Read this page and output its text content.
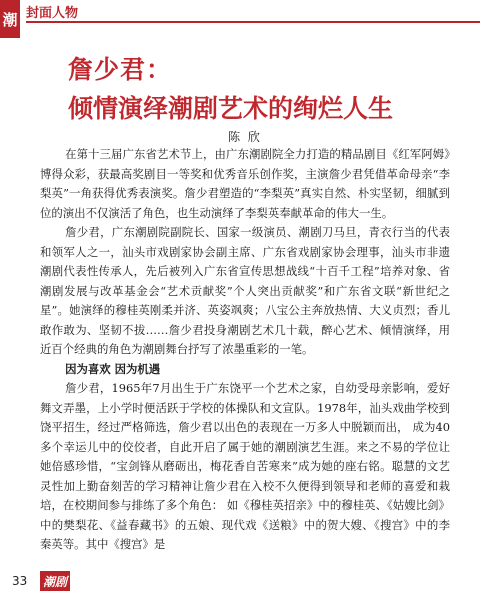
潮 封面人物
詹少君：
倾情演绎潮剧艺术的绚烂人生
陈 欣

在第十三届广东省艺术节上，由广东潮剧院全力打造的精品剧目《红军阿姆》博得众彩，获最高奖剧目一等奖和优秀音乐创作奖，主演詹少君凭借革命母亲“李梨英”一角获得优秀表演奖。詹少君塑造的“李梨英”真实自然、朴实坚韧，细腻到位的演出不仅演活了角色，也生动演绎了李梨英奉献革命的伟大一生。

詹少君，广东潮剧院副院长、国家一级演员、潮剧刀马旦，青衣行当的代表和领军人之一，汕头市戏剧家协会副主席、广东省戏剧家协会理事，汕头市非遗潮剧代表性传承人，先后被列入广东省宣传思想战线“十百千工程”培养对象、省潮剧发展与改革基金会“艺术贡献奖”个人突出贡献奖”和广东省文联“新世纪之星”。她演绎的穆桂英刚柔并济、英姿飒爽；八宝公主奔放热情、大义贞烈；香儿敢作敢为、坚韧不拔……詹少君投身潮剧艺术几十载，醉心艺术、倾情演绎，用近百个经典的角色为潮剧舞台抒写了浓墨重彩的一笔。

因为喜欢 因为机遇

詹少君，1965年7月出生于广东饶平一个艺术之家，自幼受母亲影响，爱好舞文弄墨，上小学时便活跃于学校的体操队和文宣队。1978年，汕头戏曲学校到饶平招生，经过严格筛选，詹少君以出色的表现在一万多人中脱颖而出， 成为40多个幸运儿中的佼佼者，自此开启了属于她的潮剧演艺生涯。来之不易的学位让她倍感珍惜，“宝剑锋从磨砺出，梅花香自苦寒来”成为她的座右铭。聪慧的文艺灵性加上勤奋刻苦的学习精神让詹少君在入校不久便得到领导和老师的喜爱和栽培，在校期间参与排练了多个角色： 如《穆桂英招亲》中的穆桂英、《姑嫂比剑》中的樊梨花、《益春藏书》的五娘、现代戏《送粮》中的贺大嫂、《搜宫》中的李秦英等。其中《搜宫》是

33 潮剧
